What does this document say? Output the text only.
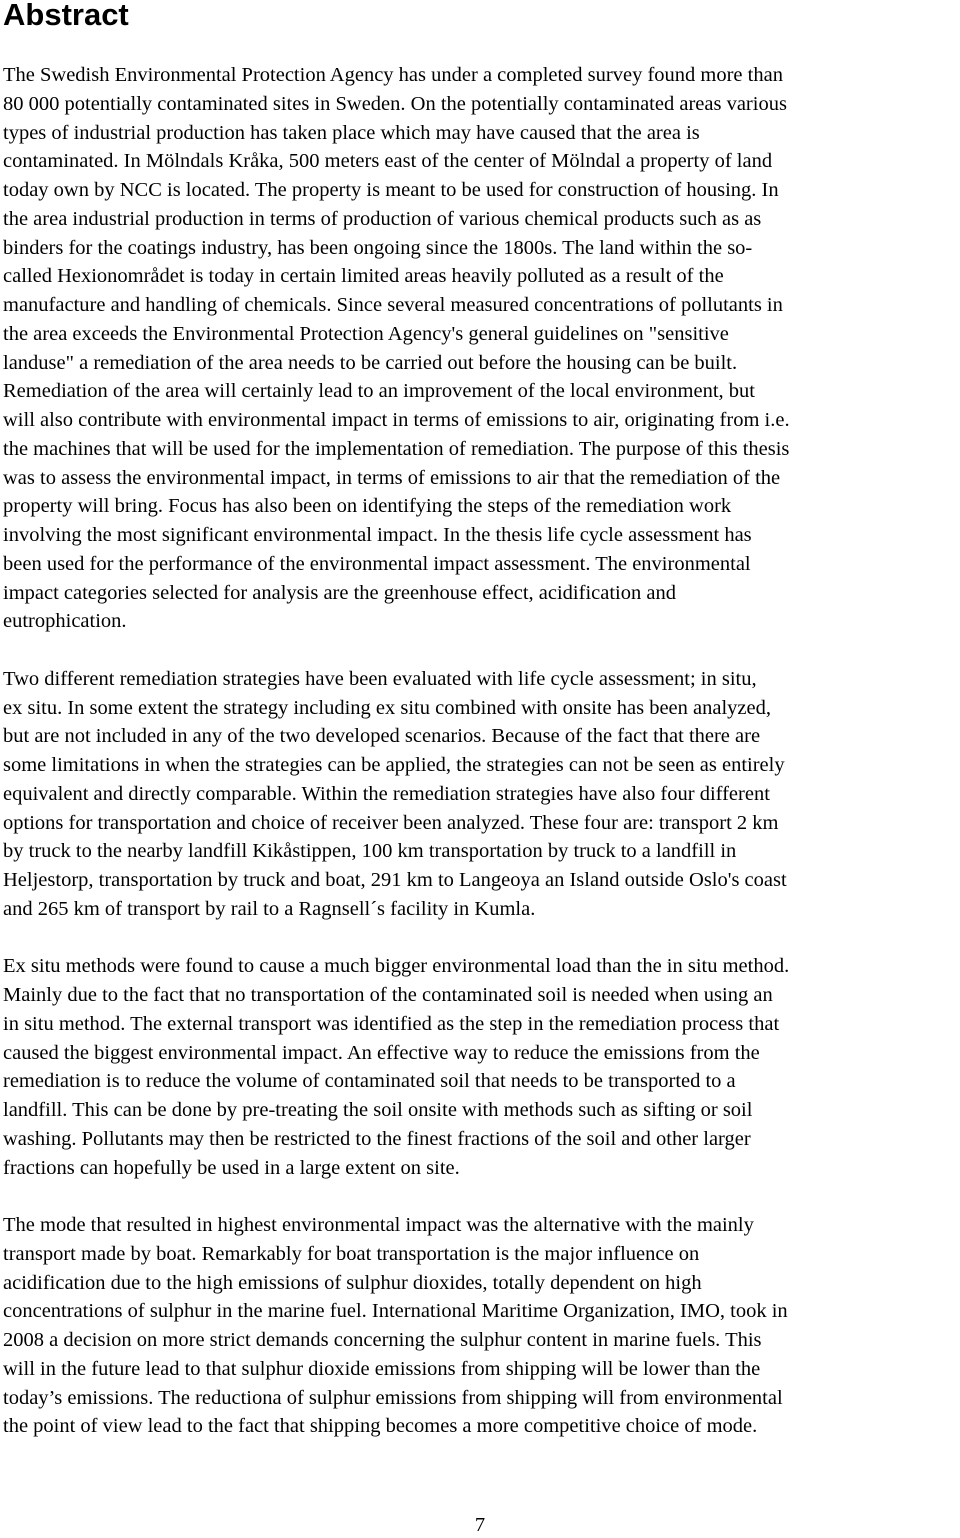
Abstract

The Swedish Environmental Protection Agency has under a completed survey found more than
80 000 potentially contaminated sites in Sweden. On the potentially contaminated areas various
types of industrial production has taken place which may have caused that the area is
contaminated. In Mölndals Kråka, 500 meters east of the center of Mölndal a property of land
today own by NCC is located. The property is meant to be used for construction of housing. In
the area industrial production in terms of production of various chemical products such as as
binders for the coatings industry, has been ongoing since the 1800s. The land within the so-
called Hexionområdet is today in certain limited areas heavily polluted as a result of the
manufacture and handling of chemicals. Since several measured concentrations of pollutants in
the area exceeds the Environmental Protection Agency's general guidelines on "sensitive
landuse" a remediation of the area needs to be carried out before the housing can be built.
Remediation of the area will certainly lead to an improvement of the local environment, but
will also contribute with environmental impact in terms of emissions to air, originating from i.e.
the machines that will be used for the implementation of remediation. The purpose of this thesis
was to assess the environmental impact, in terms of emissions to air that the remediation of the
property will bring. Focus has also been on identifying the steps of the remediation work
involving the most significant environmental impact. In the thesis life cycle assessment has
been used for the performance of the environmental impact assessment. The environmental
impact categories selected for analysis are the greenhouse effect, acidification and
eutrophication.

Two different remediation strategies have been evaluated with life cycle assessment; in situ,
ex situ. In some extent the strategy including ex situ combined with onsite has been analyzed,
but are not included in any of the two developed scenarios. Because of the fact that there are
some limitations in when the strategies can be applied, the strategies can not be seen as entirely
equivalent and directly comparable. Within the remediation strategies have also four different
options for transportation and choice of receiver been analyzed. These four are: transport 2 km
by truck to the nearby landfill Kikåstippen, 100 km transportation by truck to a landfill in
Heljestorp, transportation by truck and boat, 291 km to Langeoya an Island outside Oslo's coast
and 265 km of transport by rail to a Ragnsell´s facility in Kumla.

Ex situ methods were found to cause a much bigger environmental load than the in situ method.
Mainly due to the fact that no transportation of the contaminated soil is needed when using an
in situ method. The external transport was identified as the step in the remediation process that
caused the biggest environmental impact. An effective way to reduce the emissions from the
remediation is to reduce the volume of contaminated soil that needs to be transported to a
landfill. This can be done by pre-treating the soil onsite with methods such as sifting or soil
washing. Pollutants may then be restricted to the finest fractions of the soil and other larger
fractions can hopefully be used in a large extent on site.

The mode that resulted in highest environmental impact was the alternative with the mainly
transport made by boat. Remarkably for boat transportation is the major influence on
acidification due to the high emissions of sulphur dioxides, totally dependent on high
concentrations of sulphur in the marine fuel. International Maritime Organization, IMO, took in
2008 a decision on more strict demands concerning the sulphur content in marine fuels. This
will in the future lead to that sulphur dioxide emissions from shipping will be lower than the
today’s emissions. The reductiona of sulphur emissions from shipping will from environmental
the point of view lead to the fact that shipping becomes a more competitive choice of mode.

7
